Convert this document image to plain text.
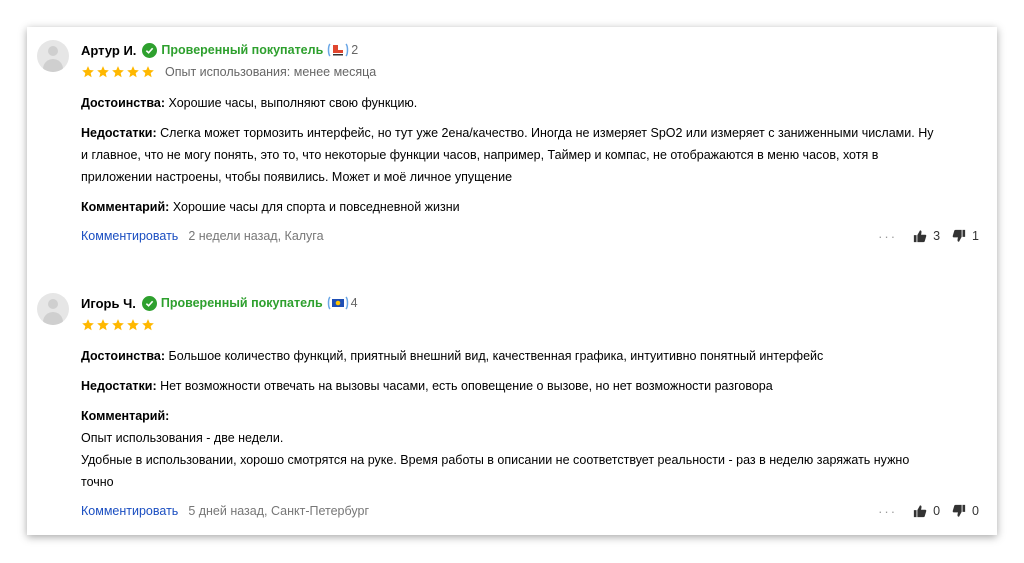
Артур И. Проверенный покупатель 2
Опыт использования: менее месяца
Достоинства: Хорошие часы, выполняют свою функцию.
Недостатки: Слегка может тормозить интерфейс, но тут уже 2ена/качество. Иногда не измеряет SpO2 или измеряет с заниженными числами. Ну
и главное, что не могу понять, это то, что некоторые функции часов, например, Таймер и компас, не отображаются в меню часов, хотя в
приложении настроены, чтобы появились. Может и моё личное упущение
Комментарий: Хорошие часы для спорта и повседневной жизни
Комментировать 2 недели назад, Калуга	···	3	1
Игорь Ч. Проверенный покупатель 4
Достоинства: Большое количество функций, приятный внешний вид, качественная графика, интуитивно понятный интерфейс
Недостатки: Нет возможности отвечать на вызовы часами, есть оповещение о вызове, но нет возможности разговора
Комментарий:
Опыт использования - две недели.
Удобные в использовании, хорошо смотрятся на руке. Время работы в описании не соответствует реальности - раз в неделю заряжать нужно
точно
Комментировать 5 дней назад, Санкт-Петербург	···	0	0
